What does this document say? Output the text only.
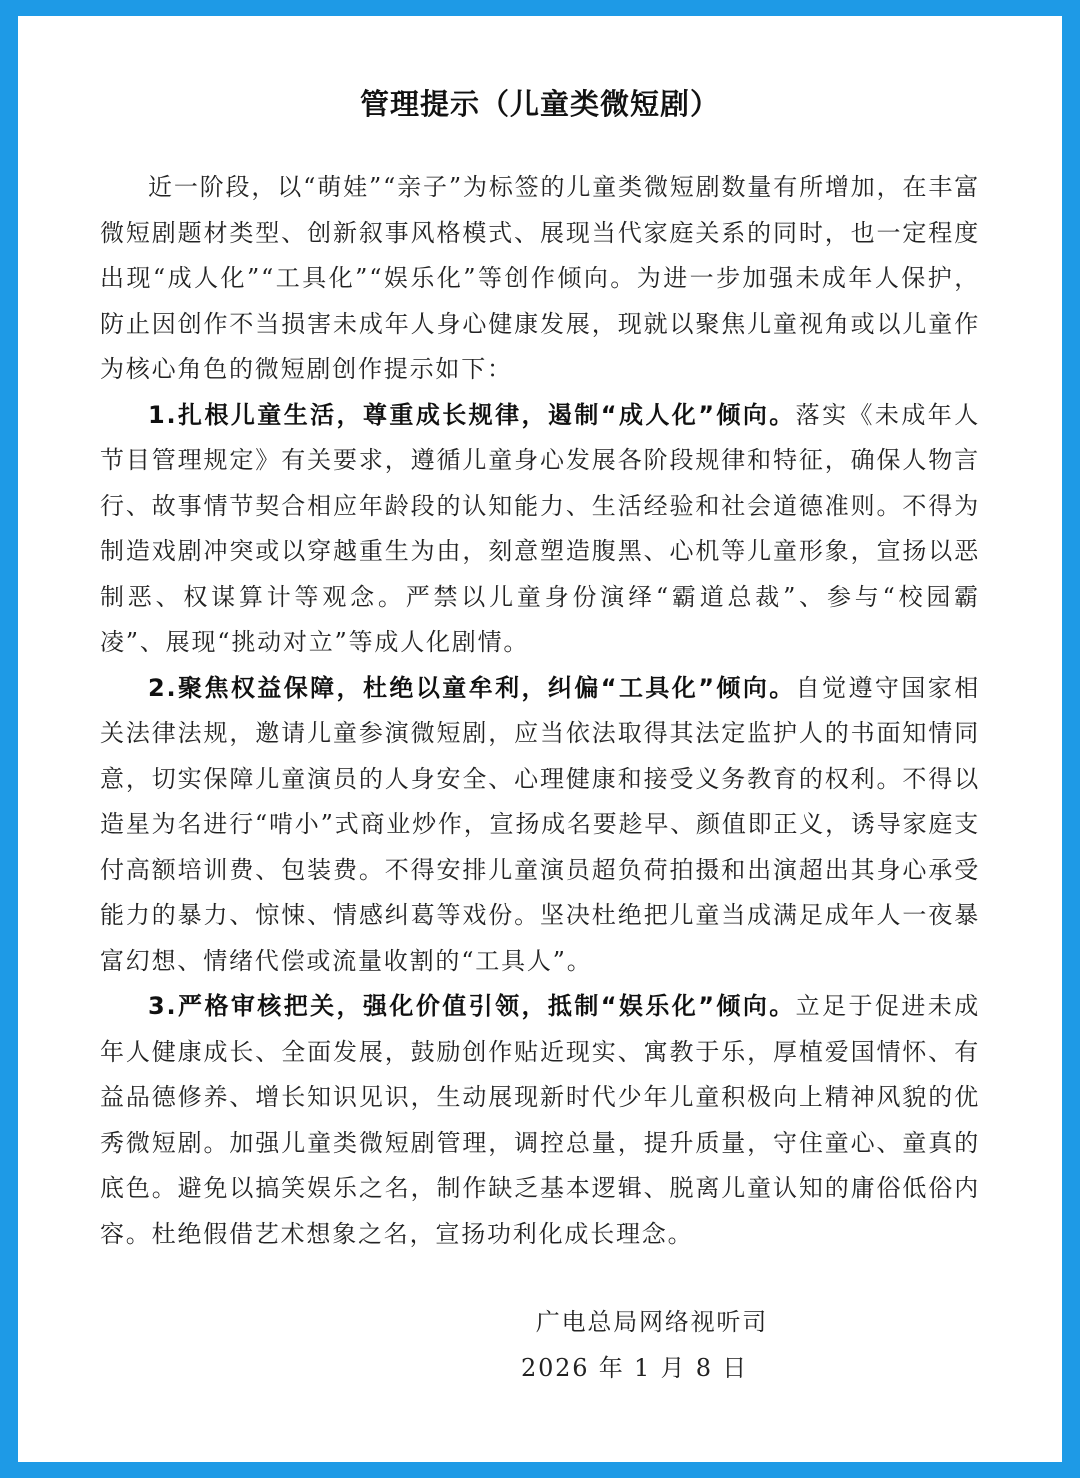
管理提示（儿童类微短剧）

近一阶段，以“萌娃”“亲子”为标签的儿童类微短剧数量有所增加，在丰富微短剧题材类型、创新叙事风格模式、展现当代家庭关系的同时，也一定程度出现“成人化”“工具化”“娱乐化”等创作倾向。为进一步加强未成年人保护，防止因创作不当损害未成年人身心健康发展，现就以聚焦儿童视角或以儿童作为核心角色的微短剧创作提示如下：

1.扎根儿童生活，尊重成长规律，遏制“成人化”倾向。落实《未成年人节目管理规定》有关要求，遵循儿童身心发展各阶段规律和特征，确保人物言行、故事情节契合相应年龄段的认知能力、生活经验和社会道德准则。不得为制造戏剧冲突或以穿越重生为由，刻意塑造腹黑、心机等儿童形象，宣扬以恶制恶、权谋算计等观念。严禁以儿童身份演绎“霸道总裁”、参与“校园霸凌”、展现“挑动对立”等成人化剧情。

2.聚焦权益保障，杜绝以童牟利，纠偏“工具化”倾向。自觉遵守国家相关法律法规，邀请儿童参演微短剧，应当依法取得其法定监护人的书面知情同意，切实保障儿童演员的人身安全、心理健康和接受义务教育的权利。不得以造星为名进行“啃小”式商业炒作，宣扬成名要趁早、颜值即正义，诱导家庭支付高额培训费、包装费。不得安排儿童演员超负荷拍摄和出演超出其身心承受能力的暴力、惊悚、情感纠葛等戏份。坚决杜绝把儿童当成满足成年人一夜暴富幻想、情绪代偿或流量收割的“工具人”。

3.严格审核把关，强化价值引领，抵制“娱乐化”倾向。立足于促进未成年人健康成长、全面发展，鼓励创作贴近现实、寓教于乐，厚植爱国情怀、有益品德修养、增长知识见识，生动展现新时代少年儿童积极向上精神风貌的优秀微短剧。加强儿童类微短剧管理，调控总量，提升质量，守住童心、童真的底色。避免以搞笑娱乐之名，制作缺乏基本逻辑、脱离儿童认知的庸俗低俗内容。杜绝假借艺术想象之名，宣扬功利化成长理念。

广电总局网络视听司
2026 年 1 月 8 日
